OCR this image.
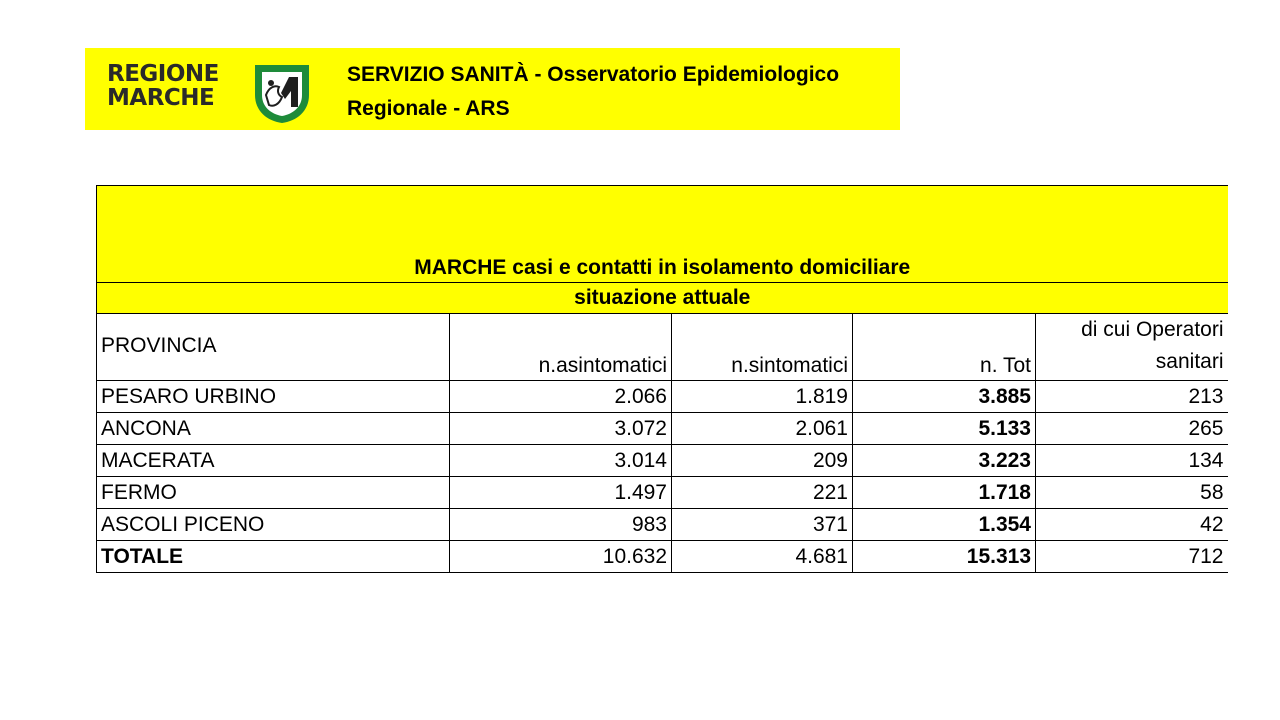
REGIONE
MARCHE
SERVIZIO SANITÀ - Osservatorio Epidemiologico
Regionale - ARS
MARCHE casi e contatti in isolamento domiciliare				
situazione attuale				
PROVINCIA	n.asintomatici	n.sintomatici	n. Tot	di cui Operatori sanitari
PESARO URBINO	2.066	1.819	3.885	213
ANCONA	3.072	2.061	5.133	265
MACERATA	3.014	209	3.223	134
FERMO	1.497	221	1.718	58
ASCOLI PICENO	983	371	1.354	42
TOTALE	10.632	4.681	15.313	712
